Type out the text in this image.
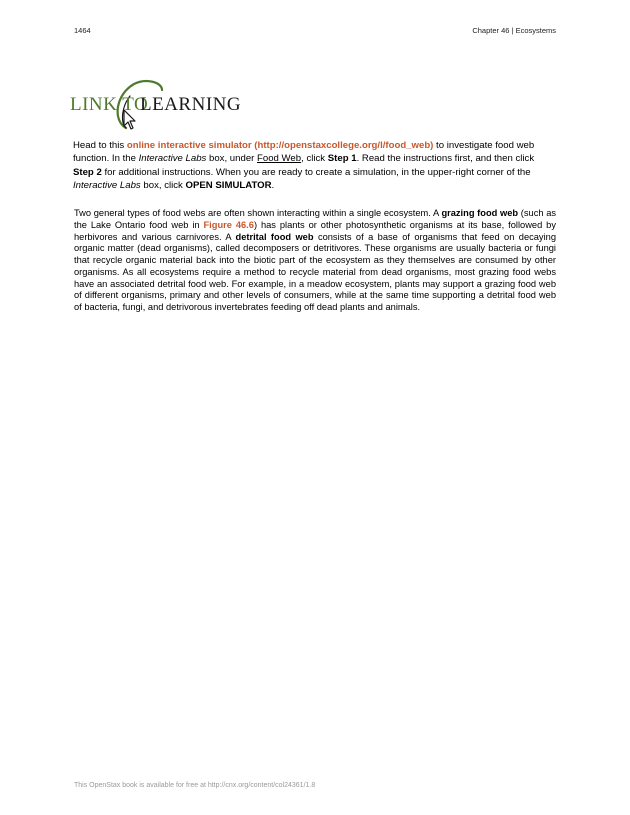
1464	Chapter 46 | Ecosystems
LINK TO
LEARNING
Head to this online interactive simulator (http://openstaxcollege.org/l/food_web) to investigate food web function. In the Interactive Labs box, under Food Web, click Step 1. Read the instructions first, and then click Step 2 for additional instructions. When you are ready to create a simulation, in the upper-right corner of the Interactive Labs box, click OPEN SIMULATOR.
Two general types of food webs are often shown interacting within a single ecosystem. A grazing food web (such as the Lake Ontario food web in Figure 46.6) has plants or other photosynthetic organisms at its base, followed by herbivores and various carnivores. A detrital food web consists of a base of organisms that feed on decaying organic matter (dead organisms), called decomposers or detritivores. These organisms are usually bacteria or fungi that recycle organic material back into the biotic part of the ecosystem as they themselves are consumed by other organisms. As all ecosystems require a method to recycle material from dead organisms, most grazing food webs have an associated detrital food web. For example, in a meadow ecosystem, plants may support a grazing food web of different organisms, primary and other levels of consumers, while at the same time supporting a detrital food web of bacteria, fungi, and detrivorous invertebrates feeding off dead plants and animals.
This OpenStax book is available for free at http://cnx.org/content/col24361/1.8
